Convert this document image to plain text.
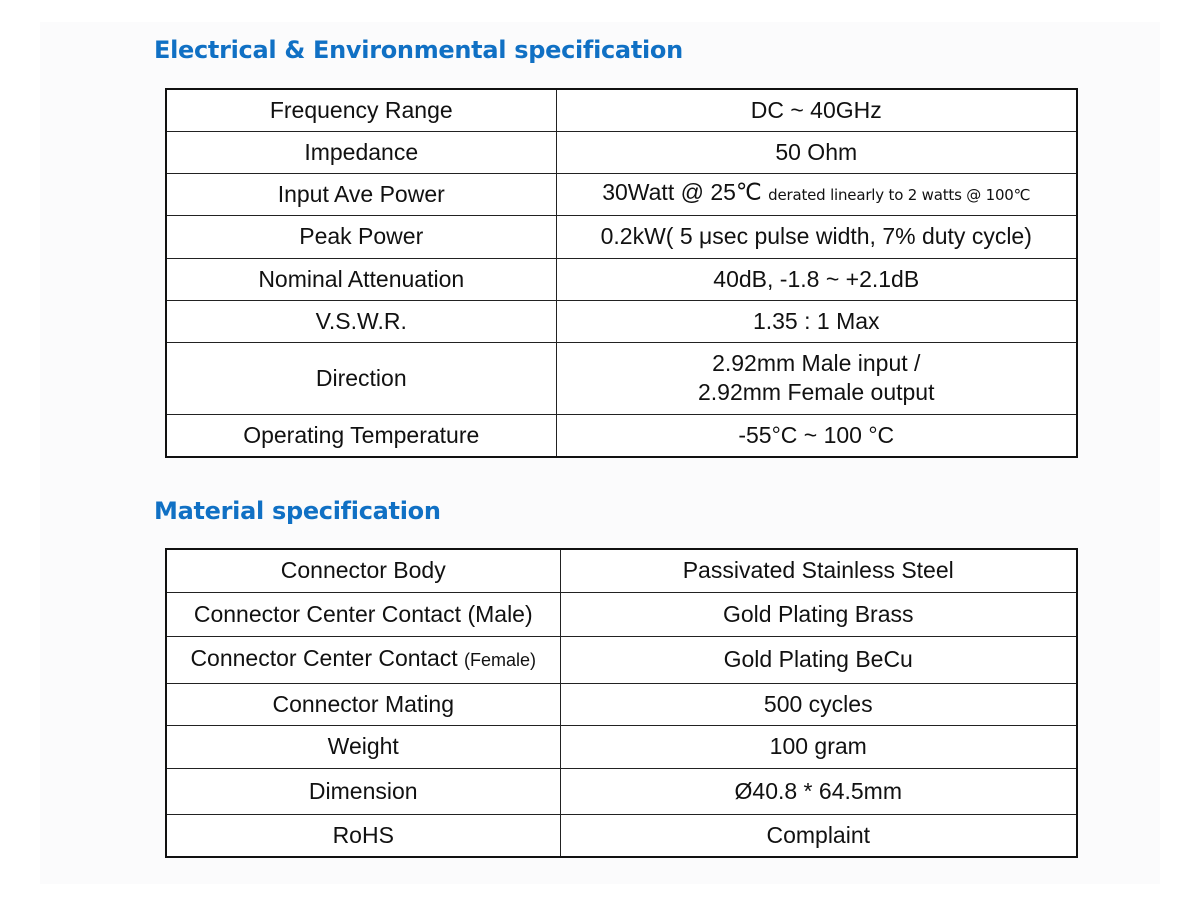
Electrical & Environmental specification
Frequency Range	DC ~ 40GHz
Impedance	50 Ohm
Input Ave Power	30Watt @ 25℃ derated linearly to 2 watts @ 100℃
Peak Power	0.2kW( 5 μsec pulse width, 7% duty cycle)
Nominal Attenuation	40dB, -1.8 ~ +2.1dB
V.S.W.R.	1.35 : 1 Max
Direction	2.92mm Male input /
2.92mm Female output

Operating Temperature	-55°C ~ 100 °C
Material specification
Connector Body	Passivated Stainless Steel
Connector Center Contact (Male)	Gold Plating Brass
Connector Center Contact (Female)	Gold Plating BeCu
Connector Mating	500 cycles
Weight	100 gram
Dimension	Ø40.8 * 64.5mm
RoHS	Complaint
